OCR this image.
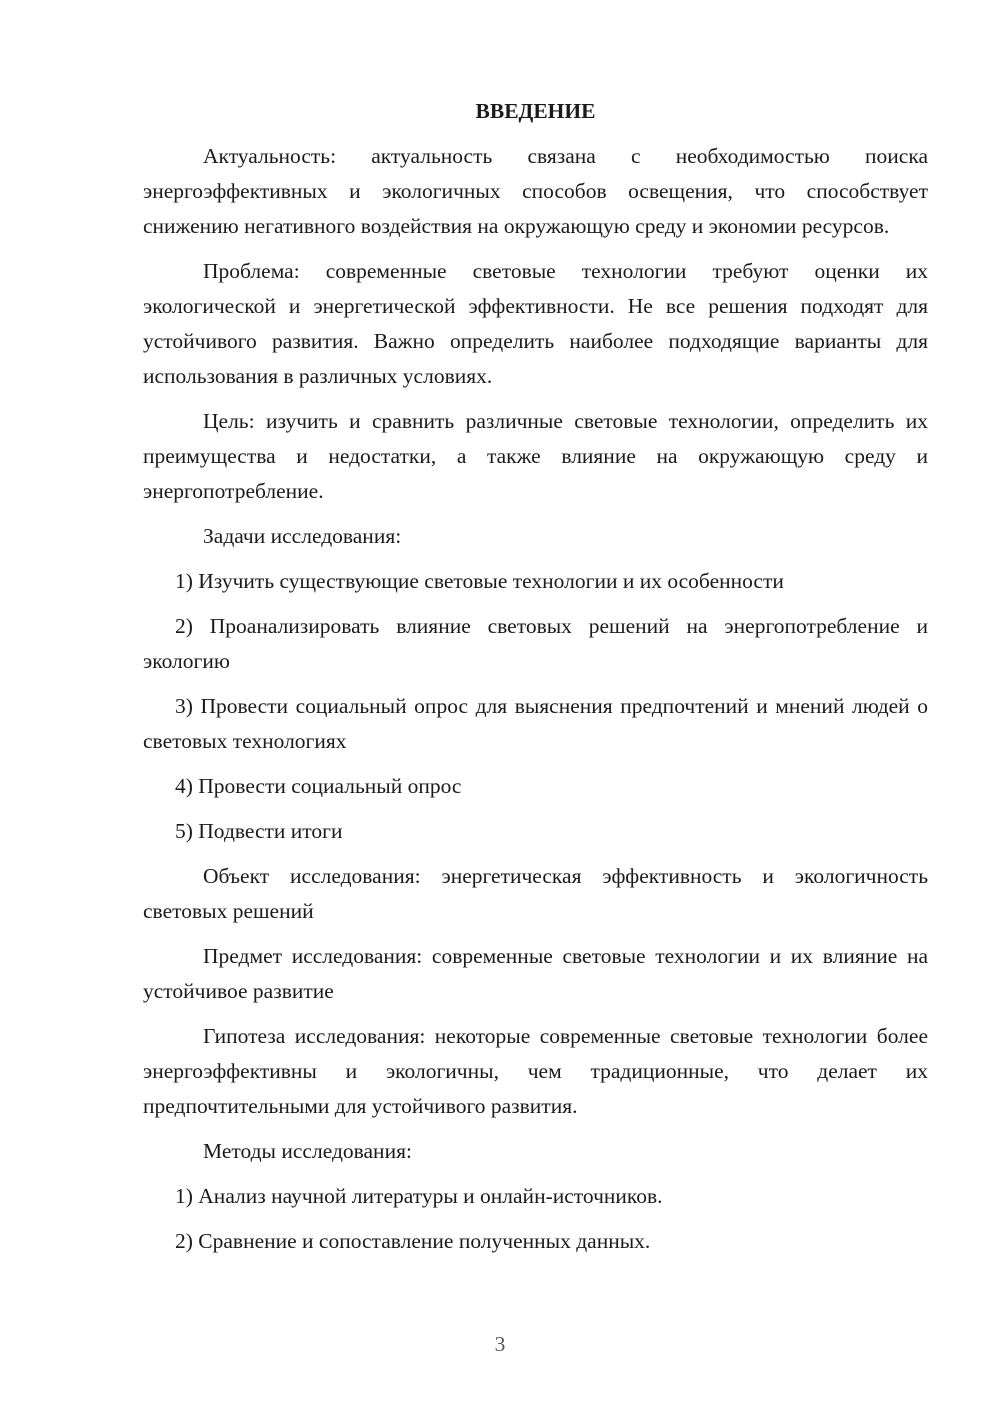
ВВЕДЕНИЕ

Актуальность: актуальность связана с необходимостью поиска энергоэффективных и экологичных способов освещения, что способствует снижению негативного воздействия на окружающую среду и экономии ресурсов.

Проблема: современные световые технологии требуют оценки их экологической и энергетической эффективности. Не все решения подходят для устойчивого развития. Важно определить наиболее подходящие варианты для использования в различных условиях.

Цель: изучить и сравнить различные световые технологии, определить их преимущества и недостатки, а также влияние на окружающую среду и энергопотребление.

Задачи исследования:

1) Изучить существующие световые технологии и их особенности

2) Проанализировать влияние световых решений на энергопотребление и экологию

3) Провести социальный опрос для выяснения предпочтений и мнений людей о световых технологиях

4) Провести социальный опрос

5) Подвести итоги

Объект исследования: энергетическая эффективность и экологичность световых решений

Предмет исследования: современные световые технологии и их влияние на устойчивое развитие

Гипотеза исследования: некоторые современные световые технологии более энергоэффективны и экологичны, чем традиционные, что делает их предпочтительными для устойчивого развития.

Методы исследования:

1) Анализ научной литературы и онлайн-источников.

2) Сравнение и сопоставление полученных данных.

3
